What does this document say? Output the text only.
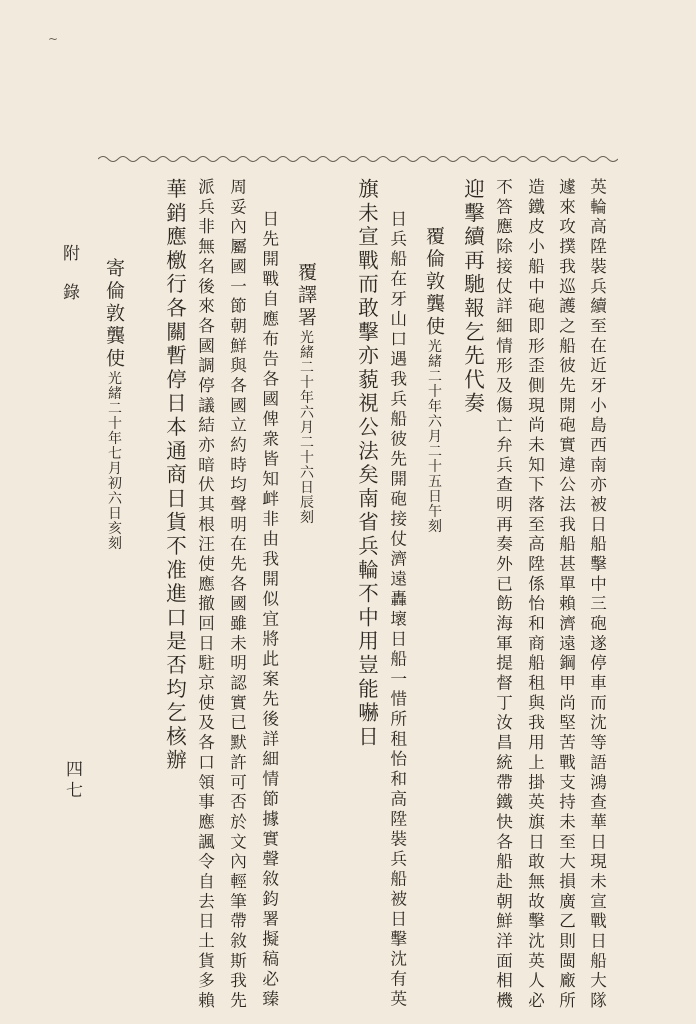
~
英輪高陞裝兵續至在近牙小島西南亦被日船擊中三砲遂停車而沈等語鴻查華日現未宣戰日船大隊
遽來攻撲我巡護之船彼先開砲實違公法我船甚單賴濟遠鋼甲尚堅苦戰支持未至大損廣乙則閩廠所
造鐵皮小船中砲即形歪側現尚未知下落至高陞係怡和商船租與我用上掛英旗日敢無故擊沈英人必
不答應除接仗詳細情形及傷亡弁兵查明再奏外已飭海軍提督丁汝昌統帶鐵快各船赴朝鮮洋面相機
迎擊續再馳報乞先代奏
覆倫敦龔使光緒二十年六月二十五日午刻
日兵船在牙山口遇我兵船彼先開砲接仗濟遠轟壞日船一惜所租怡和高陞裝兵船被日擊沈有英
旗未宣戰而敢擊亦藐視公法矣南省兵輪不中用豈能嚇日
覆譯署光緒二十年六月二十六日辰刻
日先開戰自應布告各國俾衆皆知衅非由我開似宜將此案先後詳細情節據實聲敘鈞署擬稿必臻
周妥內屬國一節朝鮮與各國立約時均聲明在先各國雖未明認實已默許可否於文內輕筆帶敘斯我先
派兵非無名後來各國調停議結亦暗伏其根汪使應撤回日駐京使及各口領事應諷令自去日土貨多賴
華銷應檄行各關暫停日本通商日貨不准進口是否均乞核辦
寄倫敦龔使光緒二十年七月初六日亥刻
附錄
四七
